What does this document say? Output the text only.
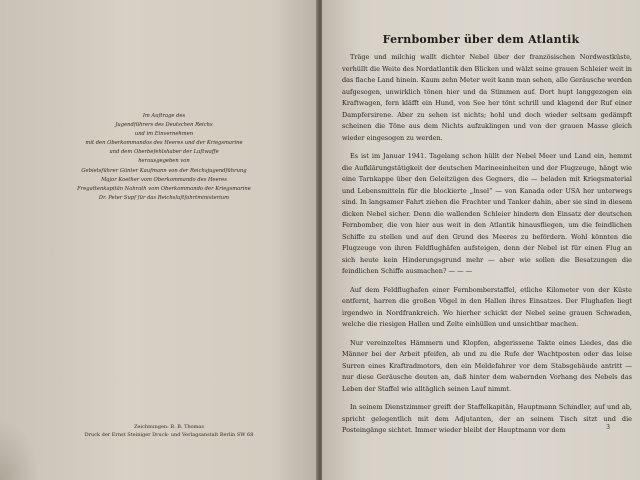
Im Auftrage des
Jugendführers des Deutschen Reichs
und im Einvernehmen
mit den Oberkommandos des Heeres und der Kriegsmarine
und dem Oberbefehlshaber der Luftwaffe
herausgegeben von
Gebietsführer Günter Kaufmann von der Reichsjugendführung
Major Koether vom Oberkommando des Heeres
Fregattenkapitän Nahrath vom Oberkommando der Kriegsmarine
Dr. Peter Supf für das Reichsluftfahrtministerium
Zeichnungen: B. B. Thomas
Druck der Ernst Steiniger Druck- und Verlagsanstalt Berlin SW 68
Fernbomber über dem Atlantik

Träge und milchig wallt dichter Nebel über der französischen Nordwestküste, verhüllt die Weite des Nordatlantik den Blicken und wälzt seine grauen Schleier weit in das flache Land hinein. Kaum zehn Meter weit kann man sehen, alle Geräusche werden aufgesogen, unwirklich tönen hier und da Stimmen auf. Dort hupt langgezogen ein Kraftwagen, fern kläfft ein Hund, von See her tönt schrill und klagend der Ruf einer Dampfersirene. Aber zu sehen ist nichts; hohl und doch wieder seltsam gedämpft scheinen die Töne aus dem Nichts aufzuklingen und von der grauen Masse gleich wieder eingesogen zu werden.

Es ist im Januar 1941. Tagelang schon hüllt der Nebel Meer und Land ein, hemmt die Aufklärungstätigkeit der deutschen Marineeinheiten und der Flugzeuge, hängt wie eine Tarnkappe über den Geleitzügen des Gegners, die — beladen mit Kriegsmaterial und Lebensmitteln für die blockierte „Insel“ — von Kanada oder USA her unterwegs sind. In langsamer Fahrt ziehen die Frachter und Tanker dahin, aber sie sind in diesem dicken Nebel sicher. Denn die wallenden Schleier hindern den Einsatz der deutschen Fernbomber, die von hier aus weit in den Atlantik hinausfliegen, um die feindlichen Schiffe zu stellen und auf den Grund des Meeres zu befördern. Wohl könnten die Flugzeuge von ihren Feldflughäfen aufsteigen, denn der Nebel ist für einen Flug an sich heute kein Hinderungsgrund mehr — aber wie sollen die Besatzungen die feindlichen Schiffe ausmachen? — — —

Auf dem Feldflughafen einer Fernbomberstaffel, etliche Kilometer von der Küste entfernt, harren die großen Vögel in den Hallen ihres Einsatzes. Der Flughafen liegt irgendwo in Nordfrankreich. Wo hierher schickt der Nebel seine grauen Schwaden, welche die riesigen Hallen und Zelte einhüllen und unsichtbar machen.

Nur vereinzeltes Hämmern und Klopfen, abgerissene Takte eines Liedes, das die Männer bei der Arbeit pfeifen, ab und zu die Rufe der Wachtposten oder das leise Surren eines Kraftradmotors, den ein Meldefahrer vor dem Stabsgebäude antritt — nur diese Geräusche deuten an, daß hinter dem wabernden Vorhang des Nebels das Leben der Staffel wie alltäglich seinen Lauf nimmt.

In seinem Dienstzimmer greift der Staffelkapitän, Hauptmann Schindler, auf und ab, spricht gelegentlich mit dem Adjutanten, der an seinem Tisch sitzt und die Posteingänge sichtet. Immer wieder bleibt der Hauptmann vor dem	3
